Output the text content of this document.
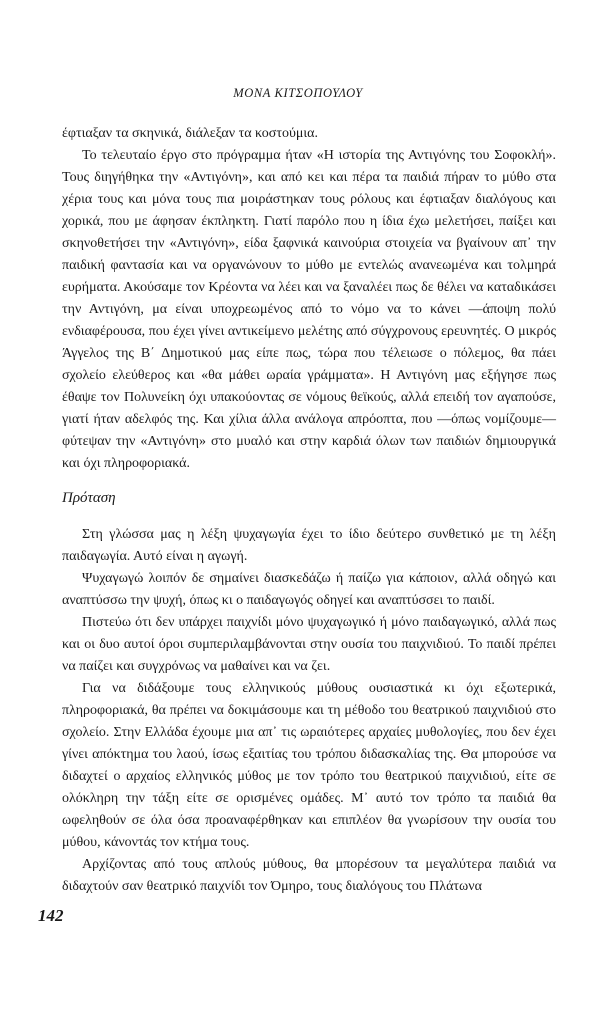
ΜΟΝΑ ΚΙΤΣΟΠΟΥΛΟΥ

έφτιαξαν τα σκηνικά, διάλεξαν τα κοστούμια.

Το τελευταίο έργο στο πρόγραμμα ήταν «Η ιστορία της Αντιγόνης του Σοφοκλή». Τους διηγήθηκα την «Αντιγόνη», και από κει και πέρα τα παιδιά πήραν το μύθο στα χέρια τους και μόνα τους πια μοιράστηκαν τους ρόλους και έφτιαξαν διαλόγους και χορικά, που με άφησαν έκπληκτη. Γιατί παρόλο που η ίδια έχω μελετήσει, παίξει και σκηνοθετήσει την «Αντιγόνη», είδα ξαφνικά καινούρια στοιχεία να βγαίνουν απ᾽ την παιδική φαντασία και να οργανώνουν το μύθο με εντελώς ανανεωμένα και τολμηρά ευρήματα. Ακούσαμε τον Κρέοντα να λέει και να ξαναλέει πως δε θέλει να καταδικάσει την Αντιγόνη, μα είναι υποχρεωμένος από το νόμο να το κάνει —άποψη πολύ ενδιαφέρουσα, που έχει γίνει αντικείμενο μελέτης από σύγχρονους ερευνητές. Ο μικρός Άγγελος της Β΄ Δημοτικού μας είπε πως, τώρα που τέλειωσε ο πόλεμος, θα πάει σχολείο ελεύθερος και «θα μάθει ωραία γράμματα». Η Αντιγόνη μας εξήγησε πως έθαψε τον Πολυνείκη όχι υπακούοντας σε νόμους θεϊκούς, αλλά επειδή τον αγαπούσε, γιατί ήταν αδελφός της. Και χίλια άλλα ανάλογα απρόοπτα, που —όπως νομίζουμε— φύτεψαν την «Αντιγόνη» στο μυαλό και στην καρδιά όλων των παιδιών δημιουργικά και όχι πληροφοριακά.

Πρόταση

Στη γλώσσα μας η λέξη ψυχαγωγία έχει το ίδιο δεύτερο συνθετικό με τη λέξη παιδαγωγία. Αυτό είναι η αγωγή.

Ψυχαγωγώ λοιπόν δε σημαίνει διασκεδάζω ή παίζω για κάποιον, αλλά οδηγώ και αναπτύσσω την ψυχή, όπως κι ο παιδαγωγός οδηγεί και αναπτύσσει το παιδί.

Πιστεύω ότι δεν υπάρχει παιχνίδι μόνο ψυχαγωγικό ή μόνο παιδαγωγικό, αλλά πως και οι δυο αυτοί όροι συμπεριλαμβάνονται στην ουσία του παιχνιδιού. Το παιδί πρέπει να παίζει και συγχρόνως να μαθαίνει και να ζει.

Για να διδάξουμε τους ελληνικούς μύθους ουσιαστικά κι όχι εξωτερικά, πληροφοριακά, θα πρέπει να δοκιμάσουμε και τη μέθοδο του θεατρικού παιχνιδιού στο σχολείο. Στην Ελλάδα έχουμε μια απ᾽ τις ωραιότερες αρχαίες μυθολογίες, που δεν έχει γίνει απόκτημα του λαού, ίσως εξαιτίας του τρόπου διδασκαλίας της. Θα μπορούσε να διδαχτεί ο αρχαίος ελληνικός μύθος με τον τρόπο του θεατρικού παιχνιδιού, είτε σε ολόκληρη την τάξη είτε σε ορισμένες ομάδες. Μ᾽ αυτό τον τρόπο τα παιδιά θα ωφεληθούν σε όλα όσα προαναφέρθηκαν και επιπλέον θα γνωρίσουν την ουσία του μύθου, κάνοντάς τον κτήμα τους.

Αρχίζοντας από τους απλούς μύθους, θα μπορέσουν τα μεγαλύτερα παιδιά να διδαχτούν σαν θεατρικό παιχνίδι τον Όμηρο, τους διαλόγους του Πλάτωνα

142
